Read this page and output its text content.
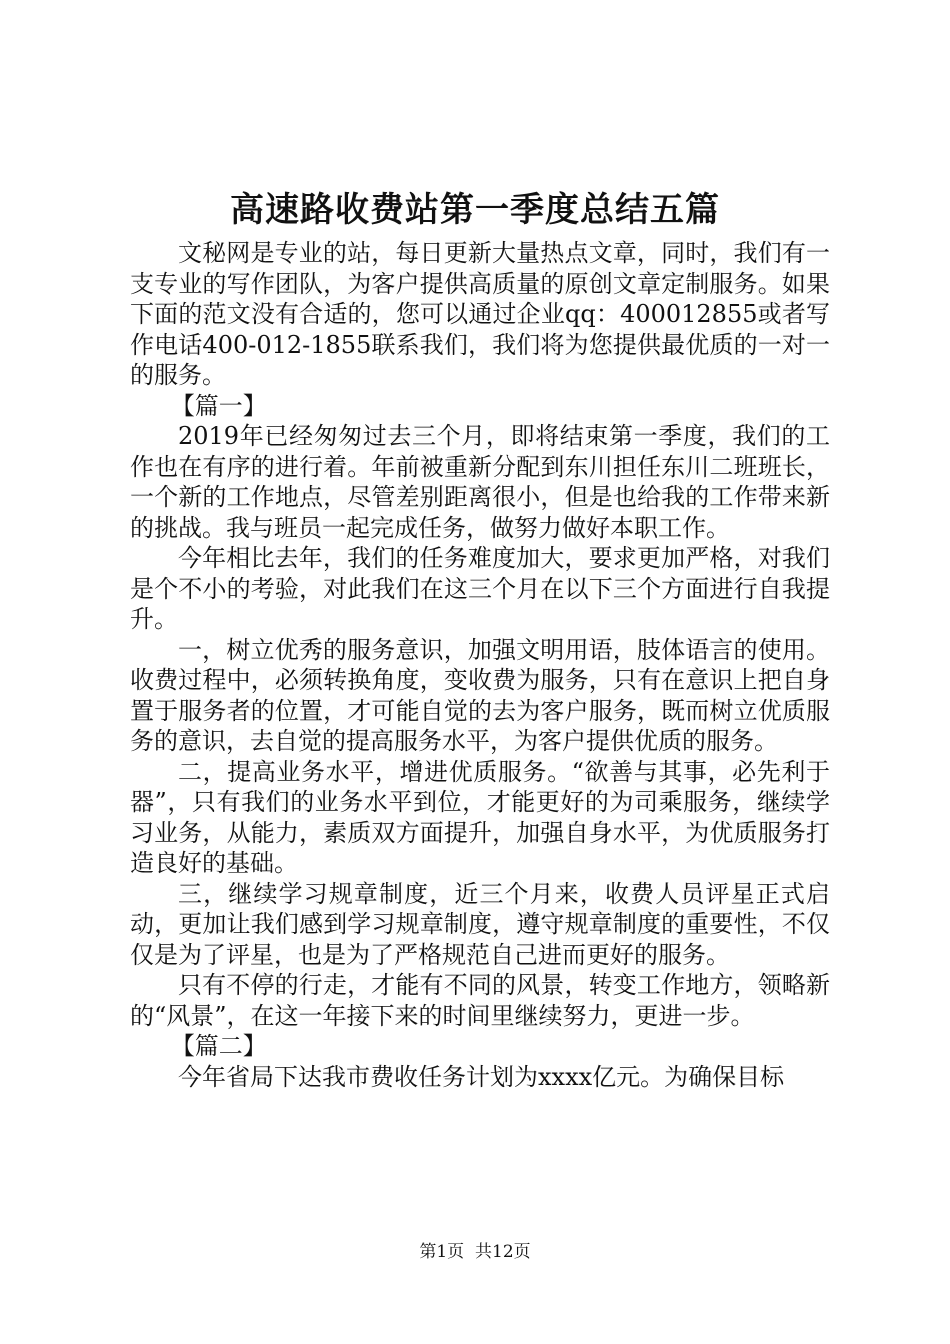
高速路收费站第一季度总结五篇

文秘网是专业的站，每日更新大量热点文章，同时，我们有一支专业的写作团队，为客户提供高质量的原创文章定制服务。如果下面的范文没有合适的，您可以通过企业qq：400012855或者写作电话400-012-1855联系我们，我们将为您提供最优质的一对一的服务。

【篇一】

2019年已经匆匆过去三个月，即将结束第一季度，我们的工作也在有序的进行着。年前被重新分配到东川担任东川二班班长，一个新的工作地点，尽管差别距离很小，但是也给我的工作带来新的挑战。我与班员一起完成任务，做努力做好本职工作。

今年相比去年，我们的任务难度加大，要求更加严格，对我们是个不小的考验，对此我们在这三个月在以下三个方面进行自我提升。

一，树立优秀的服务意识，加强文明用语，肢体语言的使用。收费过程中，必须转换角度，变收费为服务，只有在意识上把自身置于服务者的位置，才可能自觉的去为客户服务，既而树立优质服务的意识，去自觉的提高服务水平，为客户提供优质的服务。

二，提高业务水平，增进优质服务。“欲善与其事，必先利于器”，只有我们的业务水平到位，才能更好的为司乘服务，继续学习业务，从能力，素质双方面提升，加强自身水平，为优质服务打造良好的基础。

三，继续学习规章制度，近三个月来，收费人员评星正式启动，更加让我们感到学习规章制度，遵守规章制度的重要性，不仅仅是为了评星，也是为了严格规范自己进而更好的服务。

只有不停的行走，才能有不同的风景，转变工作地方，领略新的“风景”，在这一年接下来的时间里继续努力，更进一步。

【篇二】

今年省局下达我市费收任务计划为xxxx亿元。为确保目标

第1页 共12页
